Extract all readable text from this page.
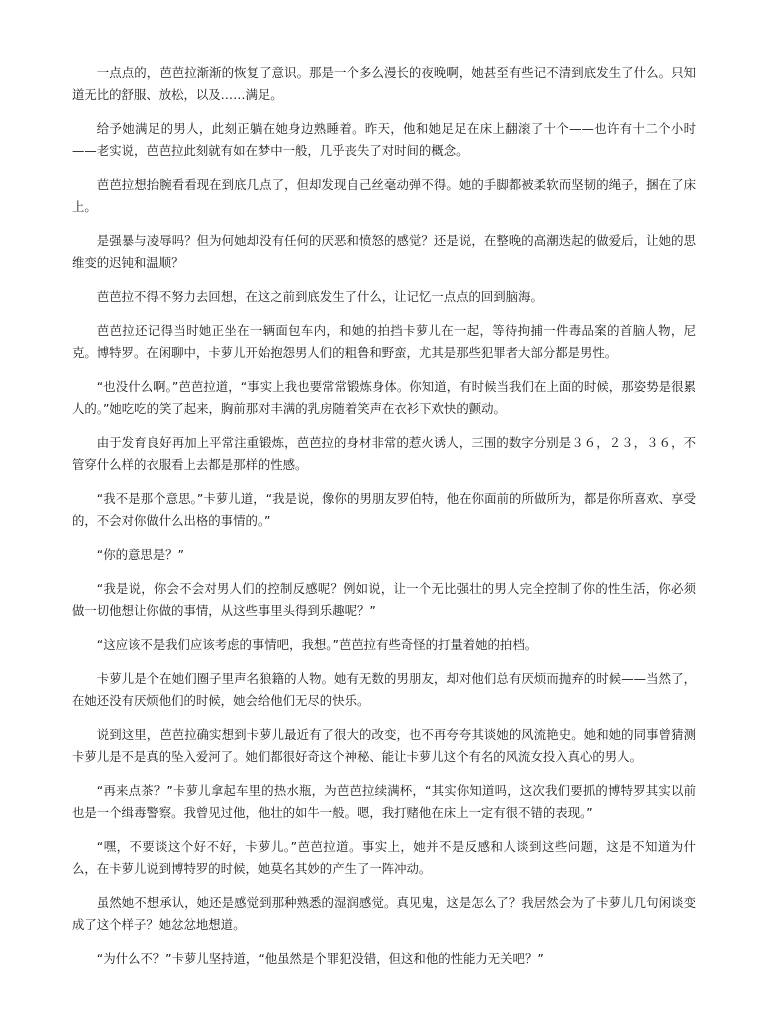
一点点的，芭芭拉渐渐的恢复了意识。那是一个多么漫长的夜晚啊，她甚至有些记不清到底发生了什么。只知道无比的舒服、放松，以及……满足。

给予她满足的男人，此刻正躺在她身边熟睡着。昨天，他和她足足在床上翻滚了十个——也许有十二个小时——老实说，芭芭拉此刻就有如在梦中一般，几乎丧失了对时间的概念。

芭芭拉想抬腕看看现在到底几点了，但却发现自己丝毫动弹不得。她的手脚都被柔软而坚韧的绳子，捆在了床上。

是强暴与凌辱吗？但为何她却没有任何的厌恶和愤怒的感觉？还是说，在整晚的高潮迭起的做爱后，让她的思维变的迟钝和温顺？

芭芭拉不得不努力去回想，在这之前到底发生了什么，让记忆一点点的回到脑海。

芭芭拉还记得当时她正坐在一辆面包车内，和她的拍挡卡萝儿在一起，等待拘捕一件毒品案的首脑人物，尼克。博特罗。在闲聊中，卡萝儿开始抱怨男人们的粗鲁和野蛮，尤其是那些犯罪者大部分都是男性。

“也没什么啊。”芭芭拉道，“事实上我也要常常锻炼身体。你知道，有时候当我们在上面的时候，那姿势是很累人的。”她吃吃的笑了起来，胸前那对丰满的乳房随着笑声在衣衫下欢快的颤动。

由于发育良好再加上平常注重锻炼，芭芭拉的身材非常的惹火诱人，三围的数字分别是３６，２３，３６，不管穿什么样的衣服看上去都是那样的性感。

“我不是那个意思。”卡萝儿道，“我是说，像你的男朋友罗伯特，他在你面前的所做所为，都是你所喜欢、享受的，不会对你做什么出格的事情的。”

“你的意思是？”

“我是说，你会不会对男人们的控制反感呢？例如说，让一个无比强壮的男人完全控制了你的性生活，你必须做一切他想让你做的事情，从这些事里头得到乐趣呢？”

“这应该不是我们应该考虑的事情吧，我想。”芭芭拉有些奇怪的打量着她的拍档。

卡萝儿是个在她们圈子里声名狼籍的人物。她有无数的男朋友，却对他们总有厌烦而抛弃的时候——当然了，在她还没有厌烦他们的时候，她会给他们无尽的快乐。

说到这里，芭芭拉确实想到卡萝儿最近有了很大的改变，也不再夸夸其谈她的风流艳史。她和她的同事曾猜测卡萝儿是不是真的坠入爱河了。她们都很好奇这个神秘、能让卡萝儿这个有名的风流女投入真心的男人。

“再来点茶？”卡萝儿拿起车里的热水瓶，为芭芭拉续满杯，“其实你知道吗，这次我们要抓的博特罗其实以前也是一个缉毒警察。我曾见过他，他壮的如牛一般。嗯，我打赌他在床上一定有很不错的表现。”

“嘿，不要谈这个好不好，卡萝儿。”芭芭拉道。事实上，她并不是反感和人谈到这些问题，这是不知道为什么，在卡萝儿说到博特罗的时候，她莫名其妙的产生了一阵冲动。

虽然她不想承认，她还是感觉到那种熟悉的湿润感觉。真见鬼，这是怎么了？我居然会为了卡萝儿几句闲谈变成了这个样子？她忿忿地想道。

“为什么不？”卡萝儿坚持道，“他虽然是个罪犯没错，但这和他的性能力无关吧？”
